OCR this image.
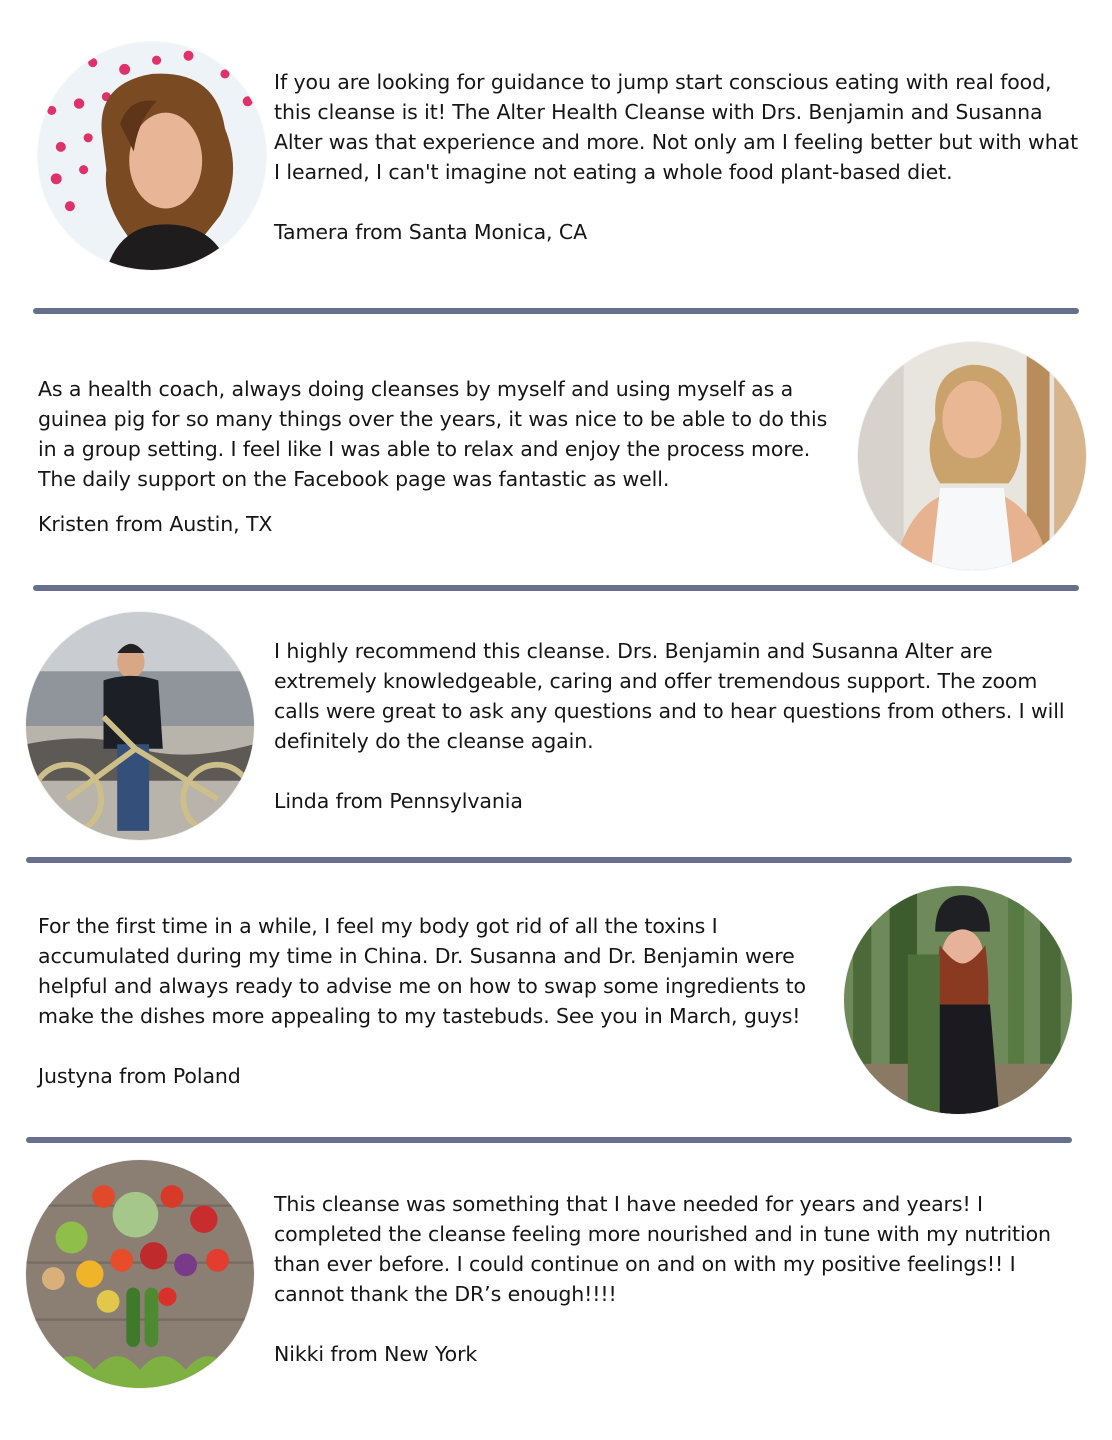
If you are looking for guidance to jump start conscious eating with real food, this cleanse is it! The Alter Health Cleanse with Drs. Benjamin and Susanna Alter was that experience and more. Not only am I feeling better but with what I learned, I can't imagine not eating a whole food plant-based diet.

Tamera from Santa Monica, CA

As a health coach, always doing cleanses by myself and using myself as a guinea pig for so many things over the years, it was nice to be able to do this in a group setting. I feel like I was able to relax and enjoy the process more. The daily support on the Facebook page was fantastic as well.

Kristen from Austin, TX

I highly recommend this cleanse. Drs. Benjamin and Susanna Alter are extremely knowledgeable, caring and offer tremendous support. The zoom calls were great to ask any questions and to hear questions from others. I will definitely do the cleanse again.

Linda from Pennsylvania

For the first time in a while, I feel my body got rid of all the toxins I accumulated during my time in China. Dr. Susanna and Dr. Benjamin were helpful and always ready to advise me on how to swap some ingredients to make the dishes more appealing to my tastebuds. See you in March, guys!

Justyna from Poland

This cleanse was something that I have needed for years and years! I completed the cleanse feeling more nourished and in tune with my nutrition than ever before. I could continue on and on with my positive feelings!! I cannot thank the DR’s enough!!!!

Nikki from New York
